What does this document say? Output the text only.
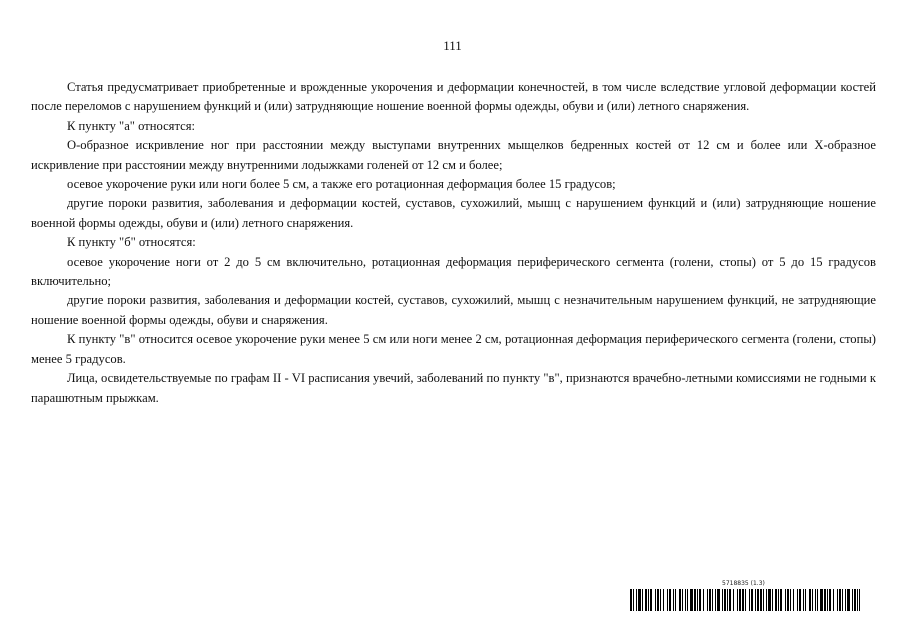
111

Статья предусматривает приобретенные и врожденные укорочения и деформации конечностей, в том числе вследствие угловой деформации костей после переломов с нарушением функций и (или) затрудняющие ношение военной формы одежды, обуви и (или) летного снаряжения.

К пункту "а" относятся:

O-образное искривление ног при расстоянии между выступами внутренних мыщелков бедренных костей от 12 см и более или X-образное искривление при расстоянии между внутренними лодыжками голеней от 12 см и более;

осевое укорочение руки или ноги более 5 см, а также его ротационная деформация более 15 градусов;

другие пороки развития, заболевания и деформации костей, суставов, сухожилий, мышц с нарушением функций и (или) затрудняющие ношение военной формы одежды, обуви и (или) летного снаряжения.

К пункту "б" относятся:

осевое укорочение ноги от 2 до 5 см включительно, ротационная деформация периферического сегмента (голени, стопы) от 5 до 15 градусов включительно;

другие пороки развития, заболевания и деформации костей, суставов, сухожилий, мышц с незначительным нарушением функций, не затрудняющие ношение военной формы одежды, обуви и снаряжения.

К пункту "в" относится осевое укорочение руки менее 5 см или ноги менее 2 см, ротационная деформация периферического сегмента (голени, стопы) менее 5 градусов.

Лица, освидетельствуемые по графам II - VI расписания увечий, заболеваний по пункту "в", признаются врачебно-летными комиссиями не годными к парашютным прыжкам.

5718835 (1.3)
